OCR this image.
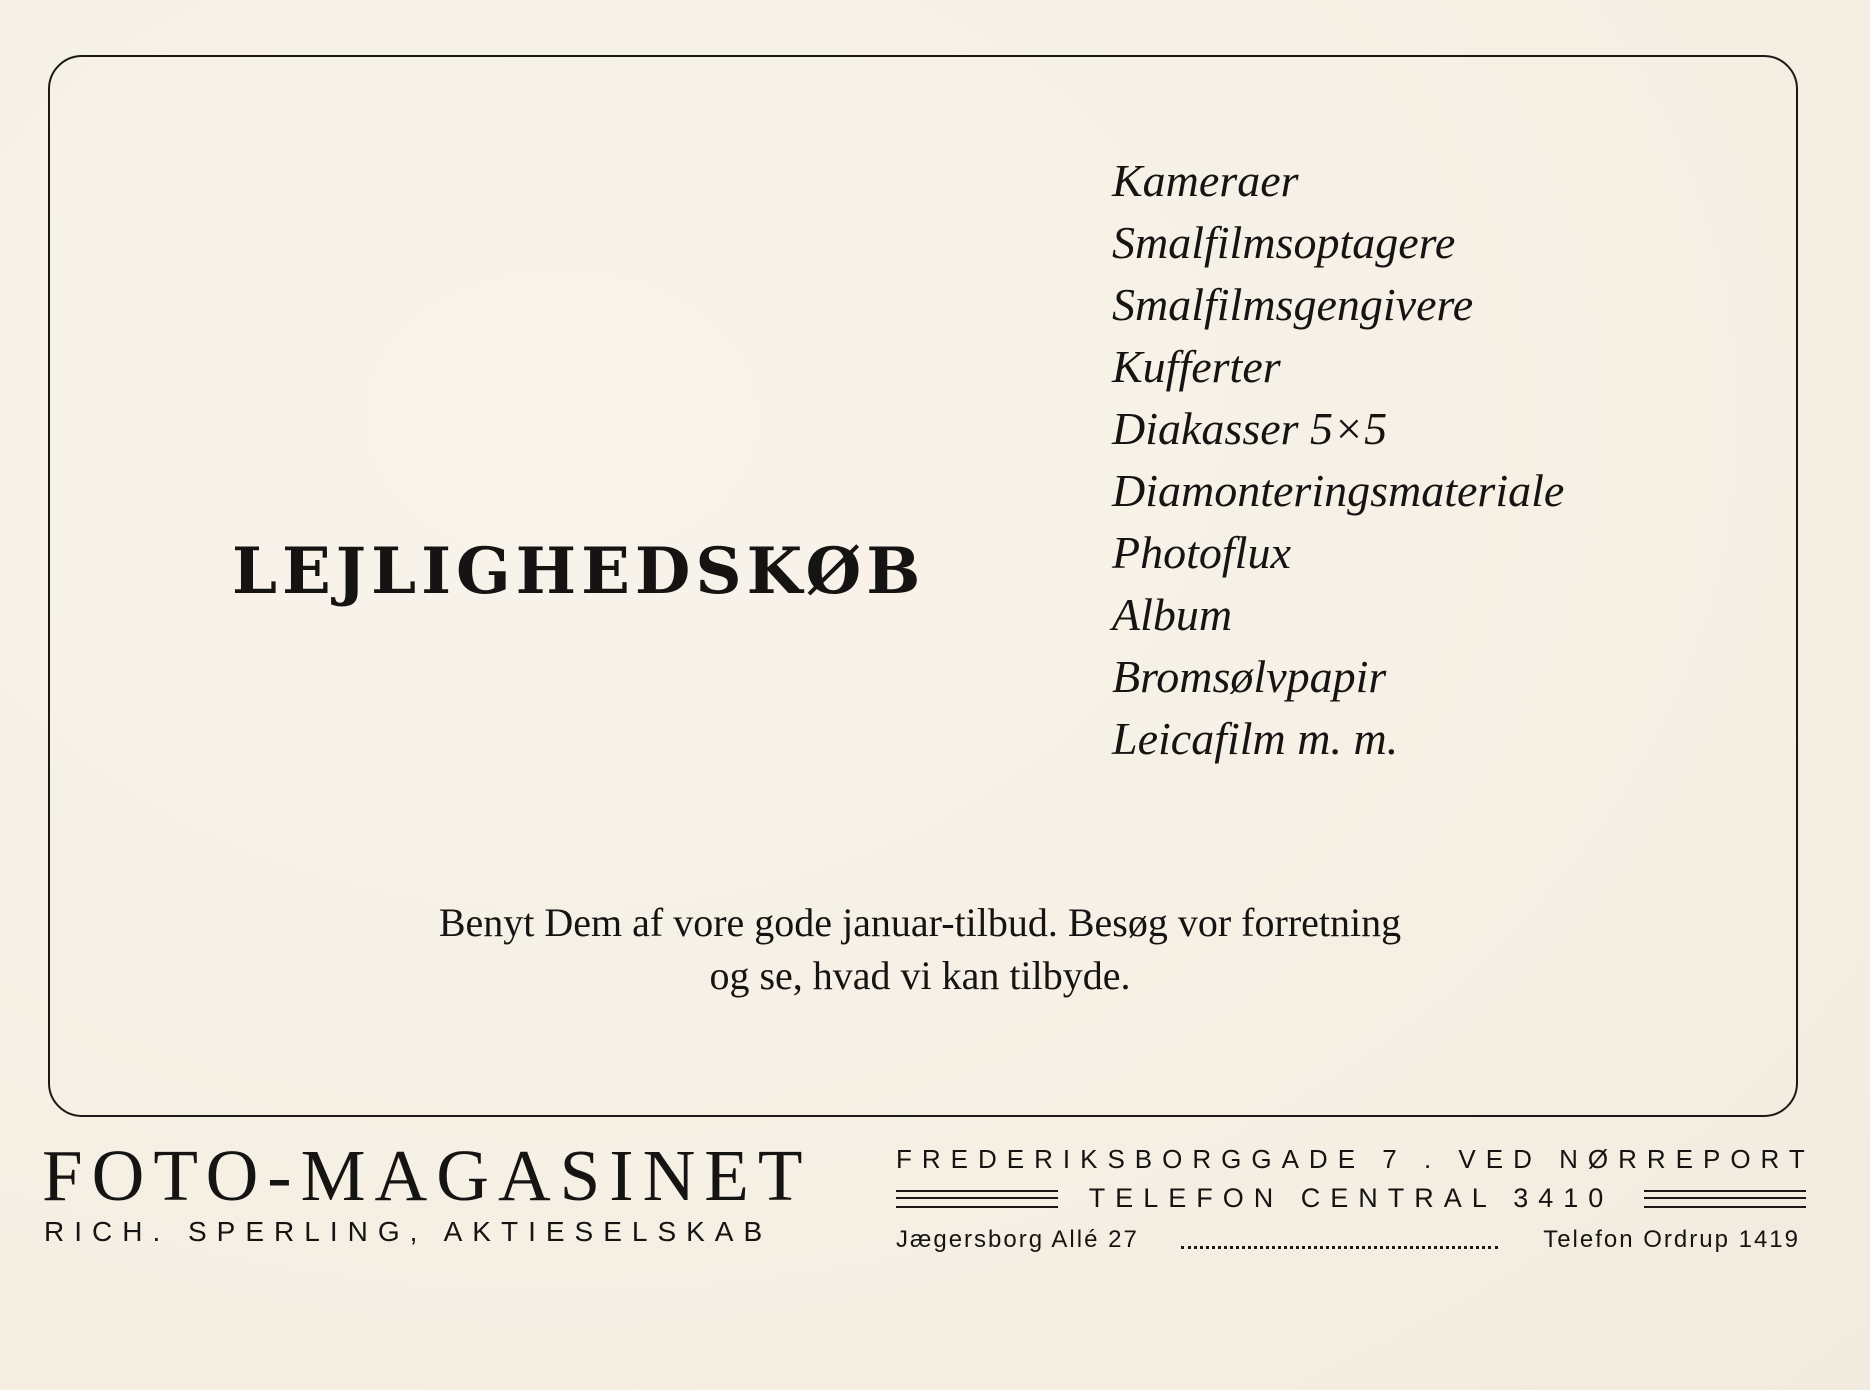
LEJLIGHEDSKØB
Kameraer
Smalfilmsoptagere
Smalfilmsgengivere
Kufferter
Diakasser 5×5
Diamonteringsmateriale
Photoflux
Album
Bromsølvpapir
Leicafilm m. m.
Benyt Dem af vore gode januar-tilbud. Besøg vor forretning
og se, hvad vi kan tilbyde.
FOTO-MAGASINET
RICH. SPERLING, AKTIESELSKAB
FREDERIKSBORGGADE 7 . VED NØRREPORT
TELEFON CENTRAL 3410
Jægersborg Allé 27	Telefon Ordrup 1419
